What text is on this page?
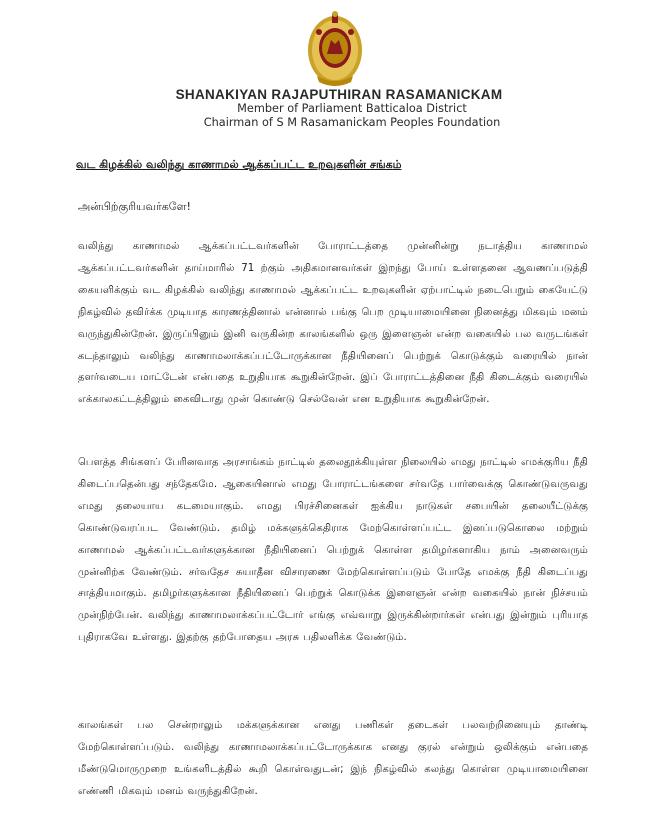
SHANAKIYAN RAJAPUTHIRAN RASAMANICKAM
Member of Parliament Batticaloa District
Chairman of S M Rasamanickam Peoples Foundation
வட கிழக்கில் வலிந்து காணாமல் ஆக்கப்பட்ட உறவுகளின் சங்கம்
அன்பிற்குரியவர்களே!
வலிந்து காணாமல் ஆக்கப்பட்டவர்களின் போராட்டத்தை முன்னின்று நடாத்திய காணாமல் ஆக்கப்பட்டவர்களின் தாய்மாரில் 71 ற்கும் அதிகமானவர்கள் இறந்து போய் உள்ளதனை ஆவணப்படுத்தி கையளிக்கும் வட கிழக்கில் வலிந்து காணாமல் ஆக்கப்பட்ட உறவுகளின் ஏற்பாட்டில் நடைபெறும் கையேட்டு நிகழ்வில் தவிர்க்க முடியாத காரணத்தினால் என்னால் பங்கு பெற முடியாமையினை நினைத்து மிகவும் மனம் வருந்துகின்றேன். இருப்பினும் இனி வருகின்ற காலங்களில் ஒரு இளைஞன் என்ற வகையில் பல வருடங்கள் கடந்தாலும் வலிந்து காணாமலாக்கப்பட்டோருக்கான நீதியினைப் பெற்றுக் கொடுக்கும் வரையில் நான் தளர்வடைய மாட்டேன் என்பதை உறுதியாக கூறுகின்றேன். இப் போராட்டத்தினை நீதி கிடைக்கும் வரையில் எக்காலகட்டத்திலும் கைவிடாது முன் கொண்டு செல்வேன் என உறுதியாக கூறுகின்றேன்.
பௌத்த சிங்களப் பேரினவாத அரசாங்கம் நாட்டில் தலைதூக்கியுள்ள நிலையில் எமது நாட்டில் எமக்குரிய நீதி கிடைப்பதென்பது சந்தேகமே. ஆகையினால் எமது போராட்டங்களை சர்வதே பார்வைக்கு கொண்டுவருவது எமது தலையாய கடமையாகும். எமது பிரச்சினைகள் ஐக்கிய நாடுகள் சபையின் தலையீட்டுக்கு கொண்டுவரப்பட வேண்டும். தமிழ் மக்களுக்கெதிராக மேற்கொள்ளப்பட்ட இனப்படுகொலை மற்றும் காணாமல் ஆக்கப்பட்டவர்களுக்கான நீதியினைப் பெற்றுக் கொள்ள தமிழர்களாகிய நாம் அனைவரும் முன்னிற்க வேண்டும். சர்வதேச சுயாதீன விசாரணை மேற்கொள்ளப்படும் போதே எமக்கு நீதி கிடைப்பது சாத்தியமாகும். தமிழர்களுக்கான நீதியினைப் பெற்றுக் கொடுக்க இளைஞன் என்ற வகையில் நான் நிச்சயம் முன்நிற்பேன். வலிந்து காணாமலாக்கப்பட்டோர் எங்கு எவ்வாறு இருக்கின்றார்கள் என்பது இன்றும் புரியாத புதிராகவே உள்ளது. இதற்கு தற்போதைய அரசு பதிலளிக்க வேண்டும்.
காலங்கள் பல சென்றாலும் மக்களுக்கான எனது பணிகள் தடைகள் பலவற்றினையும் தாண்டி மேற்கொள்ளப்படும். வலிந்து காணாமலாக்கப்பட்டோருக்காக எனது குரல் என்றும் ஒலிக்கும் என்பதை மீண்டுமொருமுறை உங்களிடத்தில் கூறி கொள்வதுடன்; இந் நிகழ்வில் கலந்து கொள்ள முடியாமையினை எண்ணி மிகவும் மனம் வருந்துகிறேன்.
